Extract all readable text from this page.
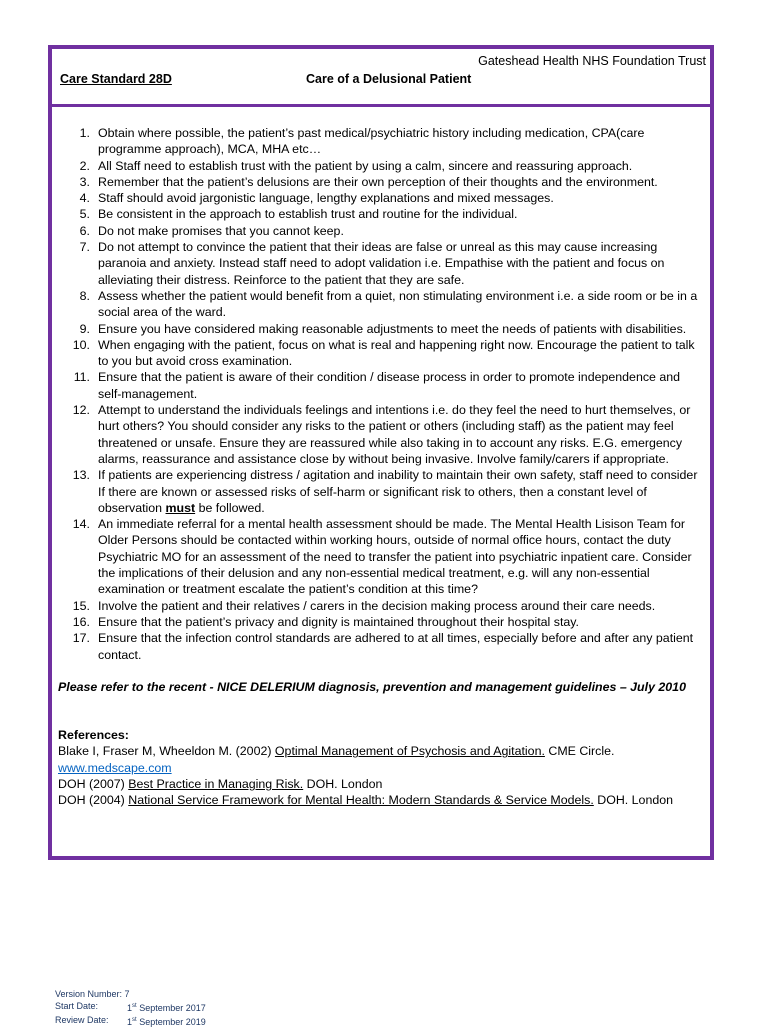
Gateshead Health NHS Foundation Trust
Care Standard 28D	Care of a Delusional Patient
1. Obtain where possible, the patient’s past medical/psychiatric history including medication, CPA(care programme approach), MCA, MHA etc…
2. All Staff need to establish trust with the patient by using a calm, sincere and reassuring approach.
3. Remember that the patient’s delusions are their own perception of their thoughts and the environment.
4. Staff should avoid jargonistic language, lengthy explanations and mixed messages.
5. Be consistent in the approach to establish trust and routine for the individual.
6. Do not make promises that you cannot keep.
7. Do not attempt to convince the patient that their ideas are false or unreal as this may cause increasing paranoia and anxiety. Instead staff need to adopt validation i.e. Empathise with the patient and focus on alleviating their distress. Reinforce to the patient that they are safe.
8. Assess whether the patient would benefit from a quiet, non stimulating environment i.e. a side room or be in a social area of the ward.
9. Ensure you have considered making reasonable adjustments to meet the needs of patients with disabilities.
10. When engaging with the patient, focus on what is real and happening right now. Encourage the patient to talk to you but avoid cross examination.
11. Ensure that the patient is aware of their condition / disease process in order to promote independence and self-management.
12. Attempt to understand the individuals feelings and intentions i.e. do they feel the need to hurt themselves, or hurt others? You should consider any risks to the patient or others (including staff) as the patient may feel threatened or unsafe. Ensure they are reassured while also taking in to account any risks. E.G. emergency alarms, reassurance and assistance close by without being invasive. Involve family/carers if appropriate.
13. If patients are experiencing distress / agitation and inability to maintain their own safety, staff need to consider If there are known or assessed risks of self-harm or significant risk to others, then a constant level of observation must be followed.
14. An immediate referral for a mental health assessment should be made. The Mental Health Lisison Team for Older Persons should be contacted within working hours, outside of normal office hours, contact the duty Psychiatric MO for an assessment of the need to transfer the patient into psychiatric inpatient care. Consider the implications of their delusion and any non-essential medical treatment, e.g. will any non-essential examination or treatment escalate the patient’s condition at this time?
15. Involve the patient and their relatives / carers in the decision making process around their care needs.
16. Ensure that the patient’s privacy and dignity is maintained throughout their hospital stay.
17. Ensure that the infection control standards are adhered to at all times, especially before and after any patient contact.
Please refer to the recent - NICE DELERIUM diagnosis, prevention and management guidelines – July 2010
References:
Blake I, Fraser M, Wheeldon M. (2002) Optimal Management of Psychosis and Agitation. CME Circle.
www.medscape.com
DOH (2007) Best Practice in Managing Risk. DOH. London
DOH (2004) National Service Framework for Mental Health: Modern Standards & Service Models. DOH. London
Version Number: 7
Start Date:	1st September 2017
Review Date:	1st September 2019
